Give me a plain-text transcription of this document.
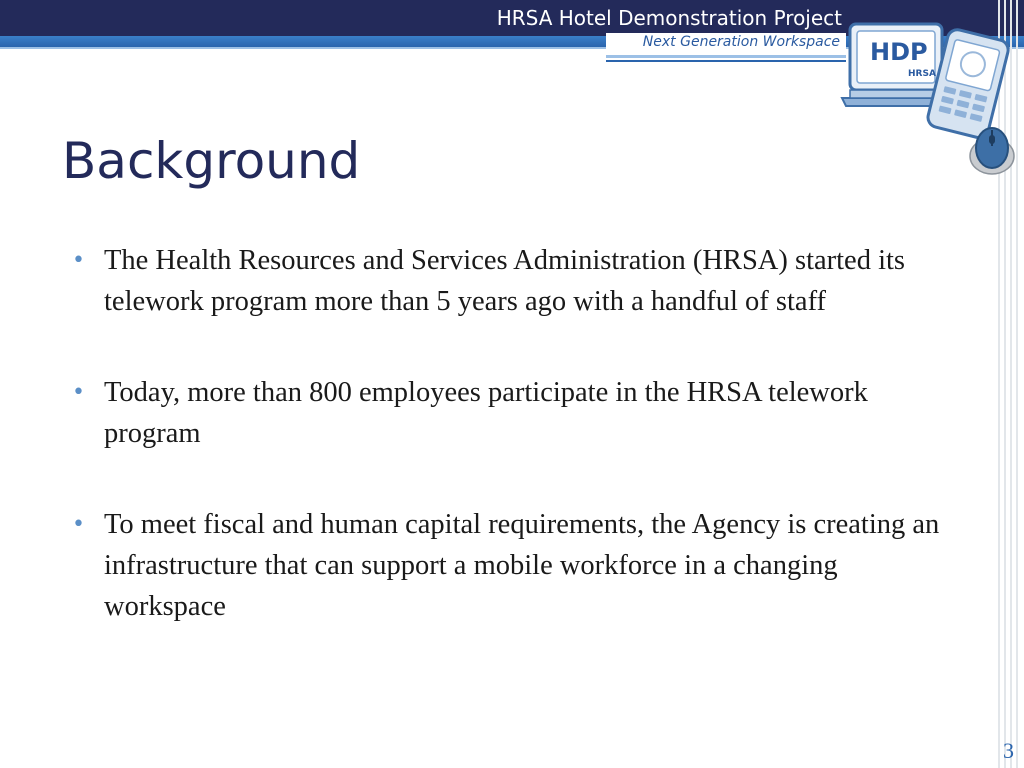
HRSA Hotel Demonstration Project
Next Generation Workspace HDP
HRSA
Background
• The Health Resources and Services Administration (HRSA) started its telework program more than 5 years ago with a handful of staff
• Today, more than 800 employees participate in the HRSA telework program
• To meet fiscal and human capital requirements, the Agency is creating an infrastructure that can support a mobile workforce in a changing workspace
3
